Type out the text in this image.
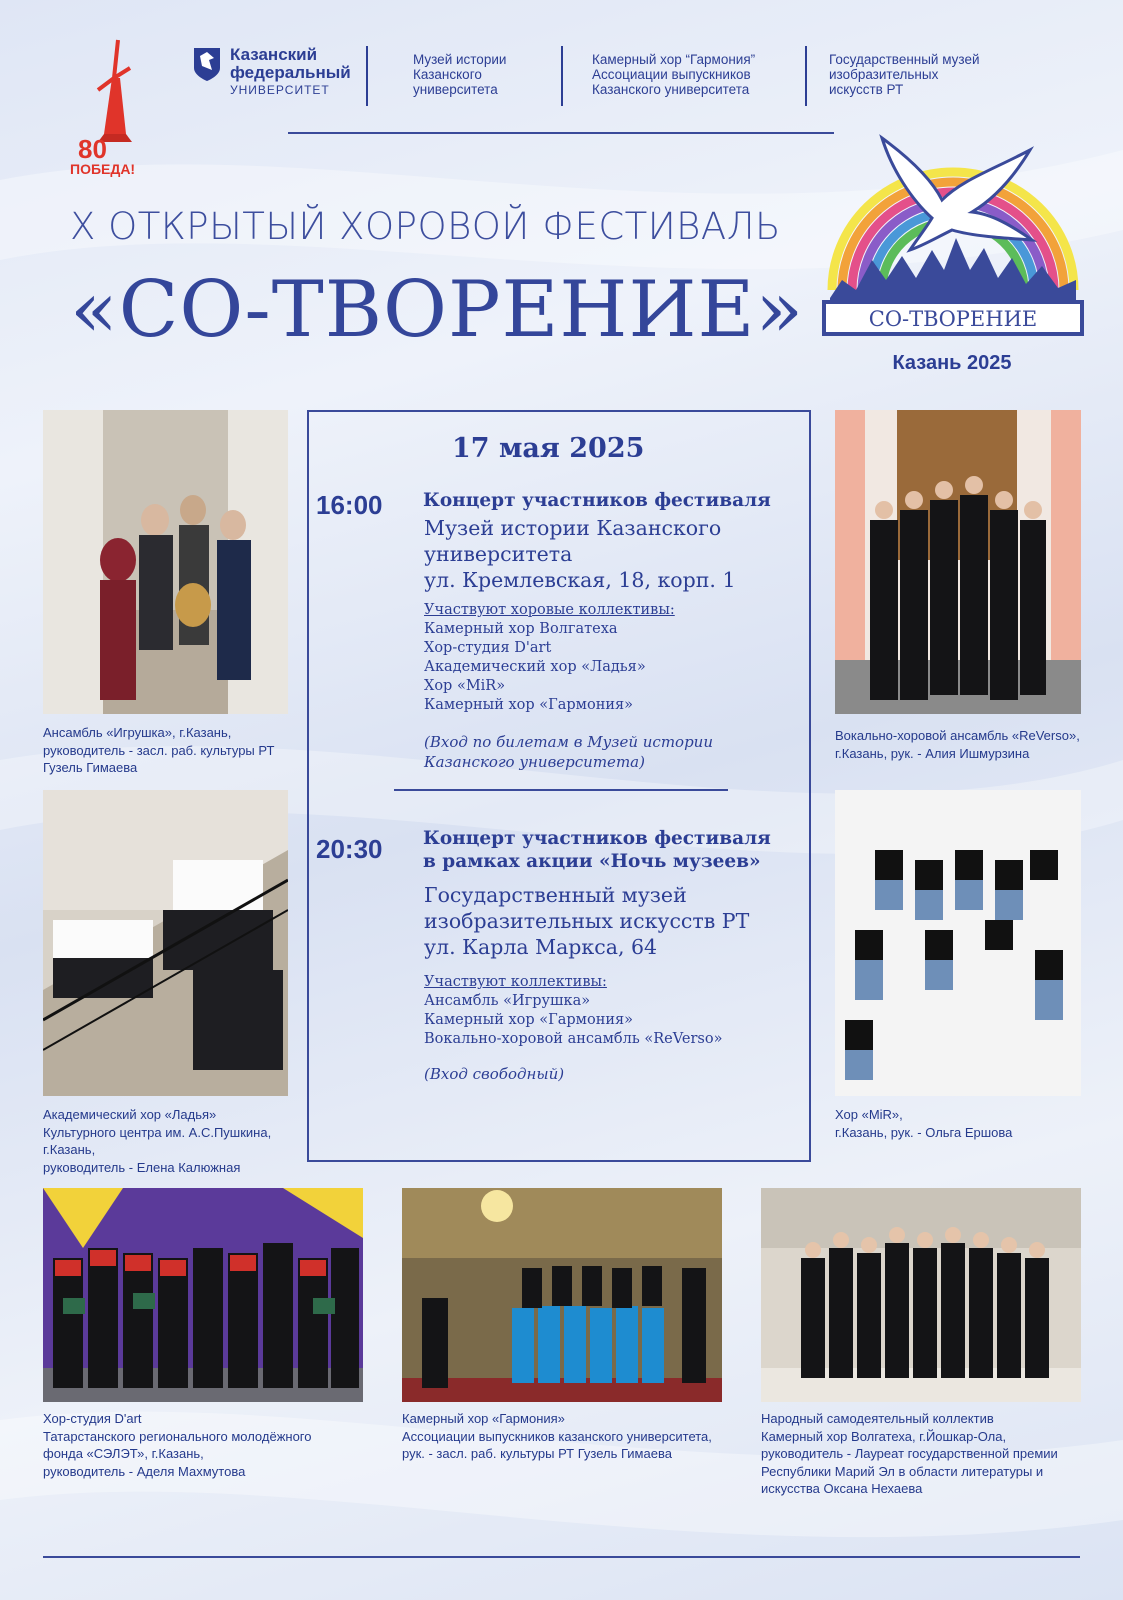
80
ПОБЕДА!
Казанский
федеральный
УНИВЕРСИТЕТ
Музей истории
Казанского
университета
Камерный хор “Гармония”
Ассоциации выпускников
Казанского университета
Государственный музей
изобразительных
искусств РТ
Х ОТКРЫТЫЙ ХОРОВОЙ ФЕСТИВАЛЬ
«СО-ТВОРЕНИЕ»	СО-ТВОРЕНИЕ
Казань 2025
Ансамбль «Игрушка», г.Казань,
руководитель - засл. раб. культуры РТ
Гузель Гимаева
Академический хор «Ладья»
Культурного центра им. А.С.Пушкина,
г.Казань,
руководитель - Елена Калюжная
Вокально-хоровой ансамбль «ReVerso»,
г.Казань, рук. - Алия Ишмурзина
Хор «MiR»,
г.Казань, рук. - Ольга Ершова
17 мая 2025
16:00 Концерт участников фестиваля
Музей истории Казанского
университета
ул. Кремлевская, 18, корп. 1
Участвуют хоровые коллективы:
Камерный хор Волгатеха
Хор-студия D'art
Академический хор «Ладья»
Хор «MiR»
Камерный хор «Гармония»
(Вход по билетам в Музей истории
Казанского университета)
20:30 Концерт участников фестиваля
в рамках акции «Ночь музеев»
Государственный музей
изобразительных искусств РТ
ул. Карла Маркса, 64
Участвуют коллективы:
Ансамбль «Игрушка»
Камерный хор «Гармония»
Вокально-хоровой ансамбль «ReVerso»
(Вход свободный)
Хор-студия D'art
Татарстанского регионального молодёжного
фонда «СЭЛЭТ», г.Казань,
руководитель - Аделя Махмутова
Камерный хор «Гармония»
Ассоциации выпускников казанского университета,
рук. - засл. раб. культуры РТ Гузель Гимаева
Народный самодеятельный коллектив
Камерный хор Волгатеха, г.Йошкар-Ола,
руководитель - Лауреат государственной премии
Республики Марий Эл в области литературы и
искусства Оксана Нехаева
